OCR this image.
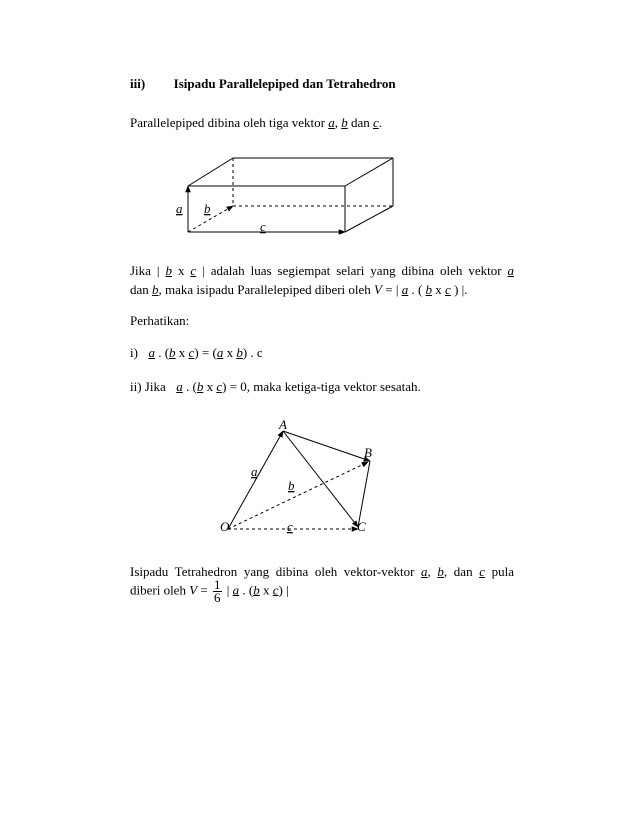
iii) Isipadu Parallelepiped dan Tetrahedron
Parallelepiped dibina oleh tiga vektor a, b dan c.
a b
c
A
B
O	C
a
b
c
Jika | b x c | adalah luas segiempat selari yang dibina oleh vektor a
dan b, maka isipadu Parallelepiped diberi oleh V = | a . ( b x c ) |.
Perhatikan:
i) a . (b x c) = (a x b) . c
ii) Jika a . (b x c) = 0, maka ketiga-tiga vektor sesatah.
Isipadu Tetrahedron yang dibina oleh vektor-vektor a, b, dan c pula
diberi oleh $V = \frac{1}{6}$ | a . (b x c) |
